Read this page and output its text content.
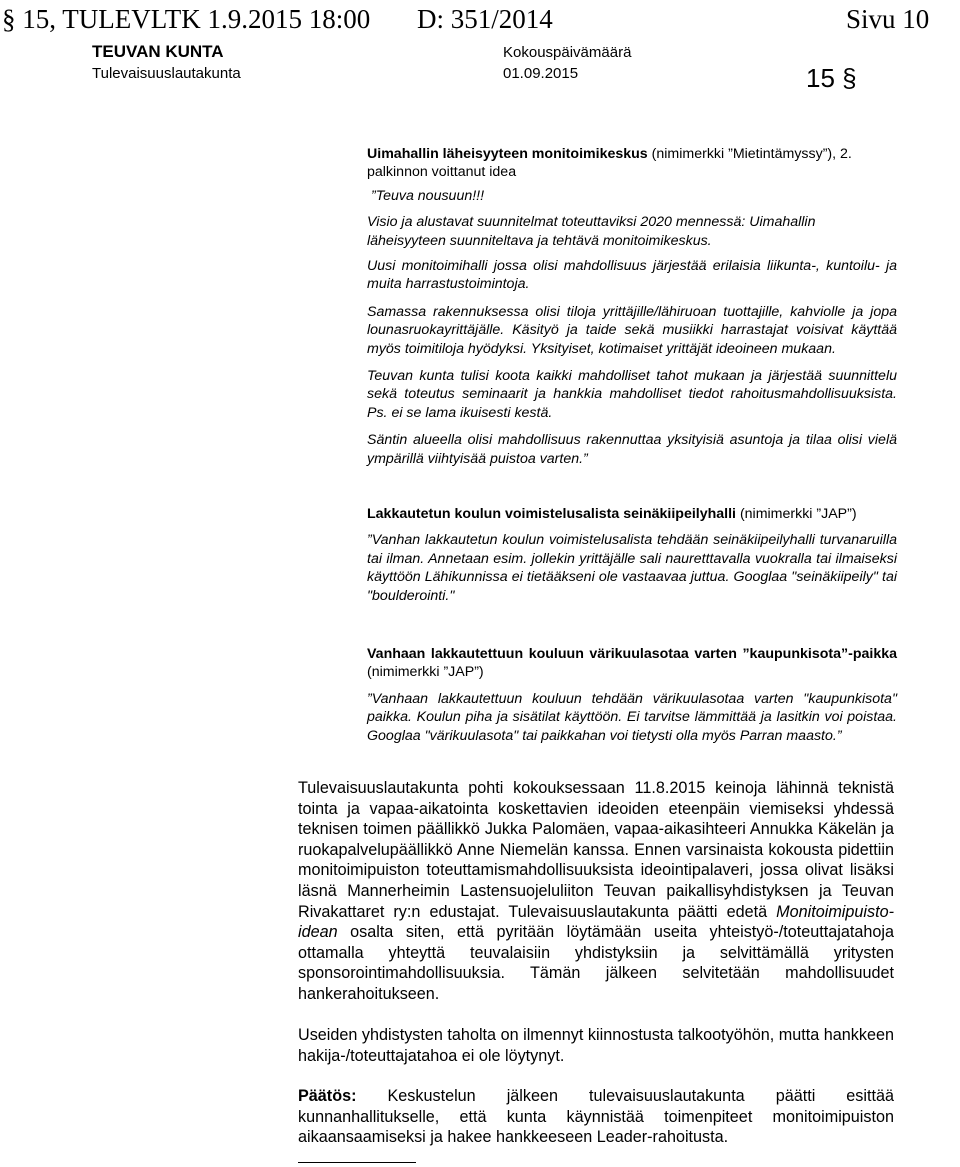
§ 15, TULEVLTK 1.9.2015 18:00 D: 351/2014	Sivu 10
TEUVAN KUNTA
Tulevaisuuslautakunta
Kokouspäivämäärä
01.09.2015	15 §

Uimahallin läheisyyteen monitoimikeskus (nimimerkki ”Mietintämyssy”), 2.
palkinnon voittanut idea

”Teuva nousuun!!!

Visio ja alustavat suunnitelmat toteuttaviksi 2020 mennessä: Uimahallin läheisyyteen suunniteltava ja tehtävä monitoimikeskus.

Uusi monitoimihalli jossa olisi mahdollisuus järjestää erilaisia liikunta-, kuntoilu- ja muita harrastustoimintoja.

Samassa rakennuksessa olisi tiloja yrittäjille/lähiruoan tuottajille, kahviolle ja jopa lounasruokayrittäjälle. Käsityö ja taide sekä musiikki harrastajat voisivat käyttää myös toimitiloja hyödyksi. Yksityiset, kotimaiset yrittäjät ideoineen mukaan.

Teuvan kunta tulisi koota kaikki mahdolliset tahot mukaan ja järjestää suunnittelu sekä toteutus seminaarit ja hankkia mahdolliset tiedot rahoitusmahdollisuuksista. Ps. ei se lama ikuisesti kestä.

Säntin alueella olisi mahdollisuus rakennuttaa yksityisiä asuntoja ja tilaa olisi vielä ympärillä viihtyisää puistoa varten.”

Lakkautetun koulun voimistelusalista seinäkiipeilyhalli (nimimerkki ”JAP”)

”Vanhan lakkautetun koulun voimistelusalista tehdään seinäkiipeilyhalli turvanaruilla tai ilman. Annetaan esim. jollekin yrittäjälle sali nauretttavalla vuokralla tai ilmaiseksi käyttöön Lähikunnissa ei tietääkseni ole vastaavaa juttua. Googlaa "seinäkiipeily" tai "boulderointi."

Vanhaan lakkautettuun kouluun värikuulasotaa varten ”kaupunkisota”-paikka (nimimerkki ”JAP”)

”Vanhaan lakkautettuun kouluun tehdään värikuulasotaa varten "kaupunkisota" paikka. Koulun piha ja sisätilat käyttöön. Ei tarvitse lämmittää ja lasitkin voi poistaa. Googlaa "värikuulasota" tai paikkahan voi tietysti olla myös Parran maasto.”

Tulevaisuuslautakunta pohti kokouksessaan 11.8.2015 keinoja lähinnä teknistä tointa ja vapaa-aikatointa koskettavien ideoiden eteenpäin viemiseksi yhdessä teknisen toimen päällikkö Jukka Palomäen, vapaa-aikasihteeri Annukka Käkelän ja ruokapalvelupäällikkö Anne Niemelän kanssa. Ennen varsinaista kokousta pidettiin monitoimipuiston toteuttamismahdollisuuksista ideointipalaveri, jossa olivat lisäksi läsnä Mannerheimin Lastensuojeluliiton Teuvan paikallisyhdistyksen ja Teuvan Rivakattaret ry:n edustajat. Tulevaisuuslautakunta päätti edetä Monitoimipuisto-idean osalta siten, että pyritään löytämään useita yhteistyö-/toteuttajatahoja ottamalla yhteyttä teuvalaisiin yhdistyksiin ja selvittämällä yritysten sponsorointimahdollisuuksia. Tämän jälkeen selvitetään mahdollisuudet hankerahoitukseen.

Useiden yhdistysten taholta on ilmennyt kiinnostusta talkootyöhön, mutta hankkeen hakija-/toteuttajatahoa ei ole löytynyt.

Päätös: Keskustelun jälkeen tulevaisuuslautakunta päätti esittää kunnanhallitukselle, että kunta käynnistää toimenpiteet monitoimipuiston aikaansaamiseksi ja hakee hankkeeseen Leader-rahoitusta.
